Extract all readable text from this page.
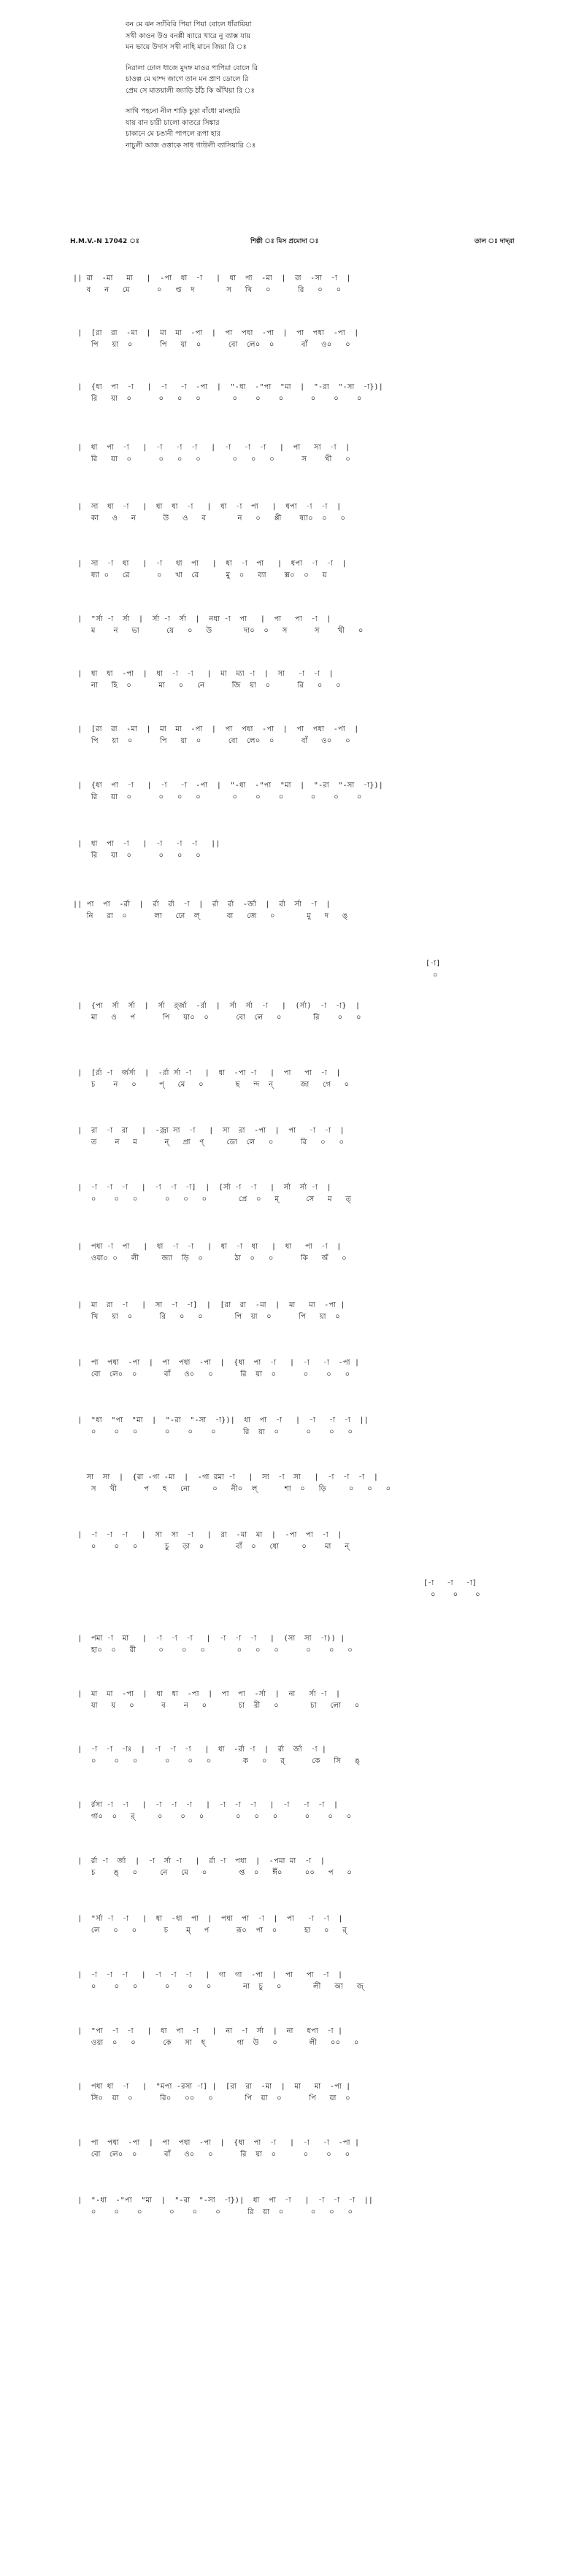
বন মে ঝন স্যাঁবিরি পিয়া পিয়া বোলে ধাঁরায়িয়া

সখী কাওন উও বনপ্পী ষ্যারে খারে নু ব্যাক্স যায়

মন ভায়ে উদাস সখী নাহি মানে জিয়া রি ঃ

নিরালা ঢোল ধাজে মুদঙ্গ মাওর পাপিয়া বোলে রি

চাওল্প মে ঘাম্দ জাগে তান মন প্রাণ ডোলে রি

প্রেম সে মাতয়ালী জ্যাড়ি ঠাঁঠ কি অঁখিয়া রি ঃ

সাখি পহনো নীল শাড়ি চুড়া বাঁধো মানহারি

যায় বান চারী চালো কাতরে সিঙ্কার

চাকানে মে চঙানী পাপলে রূপা হার

নাচুলী আজ ওত্তাকে সাধ গাউলী ব্যাসিয়ারি ঃ

H.M.V.-N 17042 ঃ	শিল্পী ঃ মিস প্রমোদা ঃ	তাল ঃ দাদ্‌রা
|| রা  -মা   মা   |  -পা  ধা  -া   |  ধা  পা  -মা  |  রা  -সা  -া  |
ব   ন   মে      ০   প্ত  দ       স   খি   ০      রি   ০   ০
|  [রা  রা  -মা  |  মা  মা  -পা  |  পা  পধা  -পা  |  পা  পধা  -পা  |
পি   য়া  ০      পি   য়া  ০      বো  লে০  ০      বাঁ   ও০   ০
|  {ধা  পা  -া   |  -া   -া  -পা  |  "-ধা  -"পা  "মা  |  "-রা  "-সা  -া})|
রি   য়া  ০      ০   ০   ০       ০    ০    ০      ০    ০    ০
|  ধা  পা  -া   |  -া   -া  -া   |  -া   -া  -া   |  পা   সা  -া  |
রি   য়া  ০      ০   ০   ০       ০   ০   ০      স    খী   ০
|  সা  ধা  -া   |  ধা  ধা  -া   |  ধা  -া  পা   |  ধপা  -া  -া  |
কা   ও   ন      উ   ও   ব       ন   ০   প্পী    ষ্যা০  ০   ০
|  সা  -া  ধা   |  -া   ধা  পা   |  ধা  -া  পা   |  ধপা  -া  -া  |
ষ্যা ০   রে      ০   খা  রে      মু  ০   ব্যা    ক্স০  ০   য়
|  "র্সা -া  র্সা  |  র্সা -া  র্সা  |  নধা -া  পা   |  পা   পা  -া  |
ম    ন   ভা      য়ে   ০   উ       দা০  ০   স      স    খী   ০
|  ধা  ধা  -পা  |  ধা  -া  -া   |  মা  ম্যা -া  |  সা   -া  -া  |
না   হি  ০      মা   ০   নে      জি  য়া  ০      রি   ০   ০
|  [রা  রা  -মা  |  মা  মা  -পা  |  পা  পধা  -পা  |  পা  পধা  -পা  |
পি   য়া  ০      পি   য়া  ০      বো  লে০  ০      বাঁ   ও০   ০
|  {ধা  পা  -া   |  -া   -া  -পা  |  "-ধা  -"পা  "মা  |  "-রা  "-সা  -া})|
রি   য়া  ০      ০   ০   ০       ০    ০    ০      ০    ০    ০
|  ধা  পা  -া   |  -া   -া  -া   ||
রি   য়া  ০      ০   ০   ০
|| পা  পা  -র্রা  |  র্রা  র্রা  -া  |  র্রা  র্রা  -র্জা  |  র্রা  র্সা  -া  |
নি   রা  ০      লা   ঢো  ল্      বা   জে   ০       মু   দ   ঙ্
|  {পা  র্সা  র্সা  |  র্সা  র্র্জা  -র্রা  |  র্সা  র্সা  -া   |  (র্সা)  -া  -া}  |
মা   ও   প      পি   য়া০  ০      বো  লে   ০       রি    ০   ০
|  [র্রা -া  র্জর্সা  |  -র্রা র্সা -া   |  ধা  -পা -া   |  পা   পা  -া  |
চ    ন   ০     প্   মে   ০       ছ   ন্দ  ন্      জা   গে   ০
|  রা  -া  রা   |  -জ্রা সা  -া   |  সা  রা  -পা  |  পা   -া  -া  |
ত    ন   ম      ন্   প্রা  ণ্     ডো  লে   ০      রি   ০   ০
|  -া  -া  -া   |  -া  -া  -া]  |  [র্সা -া  -া   |  র্সা  র্সা -া  |
০    ০   ০      ০   ০   ০       প্রে  ০   ম্      সে   ম   ত্
|  পধা -া  পা   |  ধা  -া  -া   |  ধা  -া  ধা   |  ধা   পা  -া  |
ওয়া০ ০   লী     জ্যা  ড়ি  ০       ঠা  ০   ০      কি   অঁ   ০
|  মা  রা  -া   |  সা  -া  -া]  |  [রা  রা  -মা  |  মা   মা  -পা |
খি   য়া  ০      রি   ০   ০       পি  য়া  ০      পি   য়া  ০
|  পা  পধা  -পা  |  পা  পধা  -পা  |  {ধা  পা  -া   |  -া   -া  -পা |
বো  লে০  ০      বাঁ   ও০   ০      রি  য়া  ০      ০    ০   ০
|  "ধা  "পা  "মা  |  "-রা  "-সা  -া})|  ধা  পা  -া   |  -া   -া  -া  ||
০    ০   ০      ০    ০    ০      রি  য়া  ০      ০    ০   ০
সা  সা  |  {রা -গা -মা  |  -গা রমা -া   |  সা  -া  সা   |  -া  -া  -া  |
স   খী      প   হ   নো     ০   নী০  ল্      শা  ০   ড়ি     ০   ০   ০
|  -া  -া  -া   |  সা  সা  -া   |  রা  -মা  মা  |  -পা  পা  -া  |
০    ০   ০      চু   ড়া  ০       বাঁ  ০   ধো     ০    মা   ন্
|  পমা -া  মা   |  -া  -া  -া   |  -া  -া  -া   |  (সা  সা  -া)) |
হা০  ০   রী     ০    ০   ০       ০   ০   ০      ০    ০   ০
|  মা  মা  -পা  |  ধা  ধা  -পা  |  পা  পা  -র্সা  |  না   র্সা -া  |
যা   য়   ০      ব    ন   ০       চা  রী   ০       চা   লো   ০
|  -া  -া  -াঃ  |  -া  -া  -া   |  ধা  -র্রা -া  |  র্রা  র্জা  -া |
০    ০   ০      ০    ০   ০       ক   ০   র্      কে   সি   ঙ্
|  র্রসা -া  -া   |  -া  -া  -া   |  -া  -া  -া   |  -া   -া  -া  |
গা০  ০   র্     ০    ০   ০       ০   ০   ০      ০    ০   ০
|  র্রা -া  র্জা  |  -া  র্সা -া   |  র্রা -া  পধা  |  -পমা মা  -া  |
চ    ঙ্   ০     নে   মে   ০       প্ত  ০   ঈঁ০     ০০   প   ০
|  "র্সা -া  -া   |  ধা  -ধা  পা  |  পধা  পা  -া  |  পা   -া  -া  |
লে   ০   ০      চ    ম্   প      রূ০  পা  ০      হা   ০   র্
|  -া  -া  -া   |  -া  -া  -া   |  গা  গা  -পা  |  পা   পা  -া  |
০    ০   ০      ০    ০   ০       না  চু   ০       লী   আ   জ্
|  "পা  -া  -া   |  ধা  পা  -া   |  না  -া  র্সা  |  না   ধপা  -া |
ওয়া  ০   ০      কে   সা  ধ্       গা  উ   ০       লী   ০০   ০
|  পধা ধা  -া   |  "মপা -রসা -া] |  [রা  রা  -মা  |  মা   মা  -পা |
সি০  য়া  ০      রি০   ০০   ০       পি  য়া  ০      পি   য়া  ০
|  পা  পধা  -পা  |  পা  পধা  -পা  |  {ধা  পা  -া   |  -া   -া  -পা |
বো  লে০  ০      বাঁ   ও০   ০      রি  য়া  ০      ০    ০   ০
|  "-ধা  -"পা  "মা  |  "-রা  "-সা  -া})|  ধা  পা  -া   |  -া  -া  -া  ||
০    ০    ০      ০    ০    ০      রি  য়া  ০      ০   ০   ০
[-া]
০
[-া   -া   -া]
০    ০    ০
